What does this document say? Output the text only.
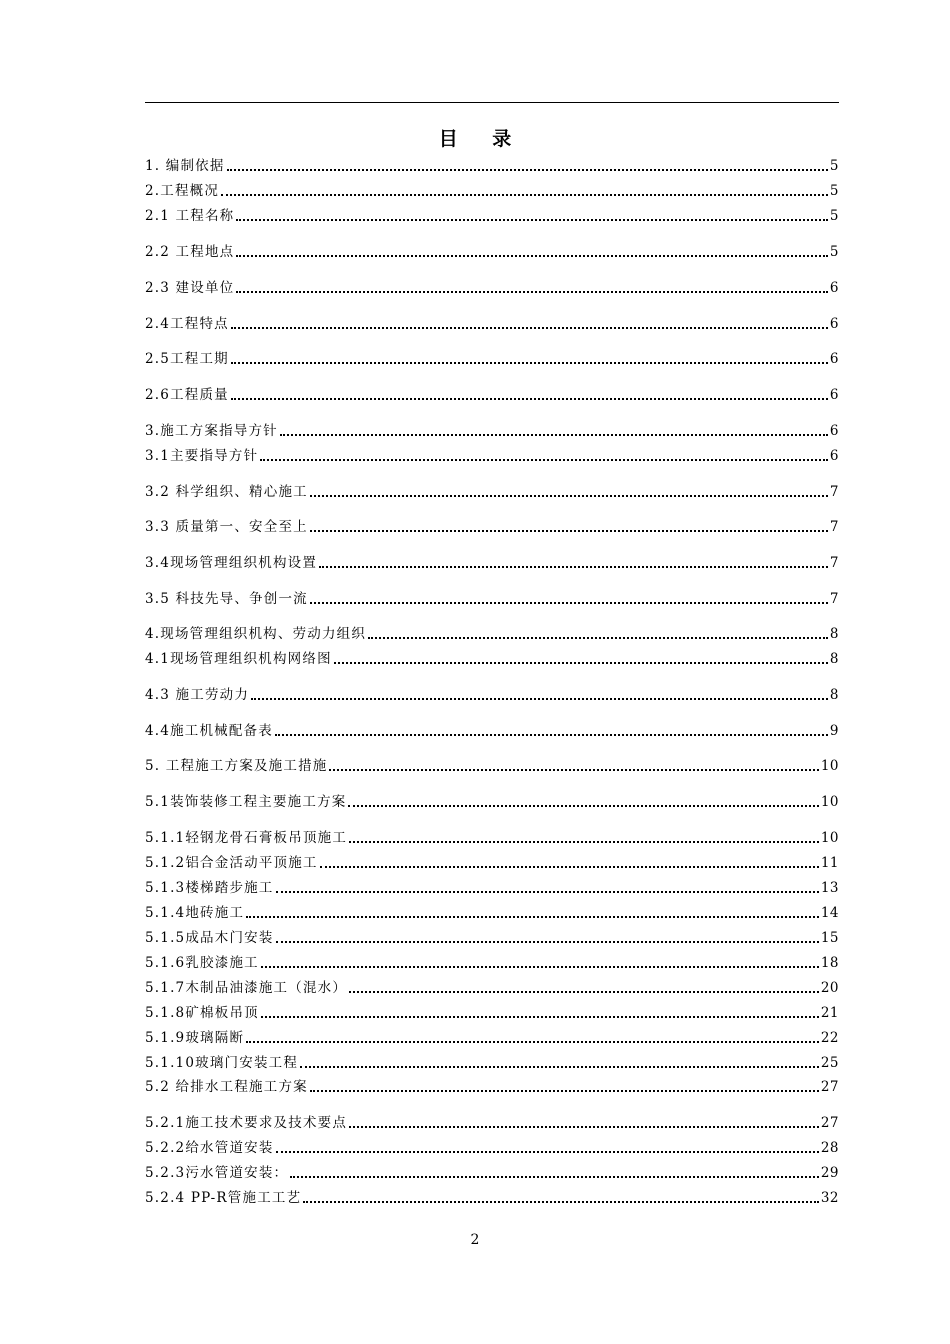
目 录
1. 编制依据	5
2.工程概况	5
2.1 工程名称	5
2.2 工程地点	5
2.3 建设单位	6
2.4工程特点	6
2.5工程工期	6
2.6工程质量	6
3.施工方案指导方针	6
3.1主要指导方针	6
3.2 科学组织、精心施工	7
3.3 质量第一、安全至上	7
3.4现场管理组织机构设置	7
3.5 科技先导、争创一流	7
4.现场管理组织机构、劳动力组织	8
4.1现场管理组织机构网络图	8
4.3 施工劳动力	8
4.4施工机械配备表	9
5. 工程施工方案及施工措施	10
5.1装饰装修工程主要施工方案	10
5.1.1轻钢龙骨石膏板吊顶施工	10
5.1.2铝合金活动平顶施工	11
5.1.3楼梯踏步施工	13
5.1.4地砖施工	14
5.1.5成品木门安装	15
5.1.6乳胶漆施工	18
5.1.7木制品油漆施工（混水）	20
5.1.8矿棉板吊顶	21
5.1.9玻璃隔断	22
5.1.10玻璃门安装工程	25
5.2 给排水工程施工方案	27
5.2.1施工技术要求及技术要点	27
5.2.2给水管道安装	28
5.2.3污水管道安装：	29
5.2.4 PP-R管施工工艺	32
2
